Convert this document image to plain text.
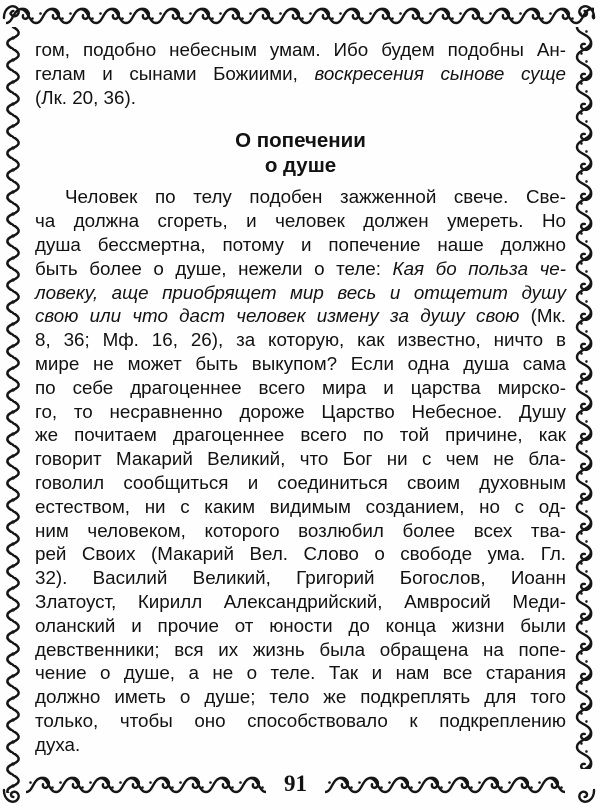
91
гом, подобно небесным умам. Ибо будем подобны Ан-
гелам и сынами Божиими, воскресения сынове суще
(Лк. 20, 36).
О попечении
о душе
Человек по телу подобен зажженной свече. Све-
ча должна сгореть, и человек должен умереть. Но
душа бессмертна, потому и попечение наше должно
быть более о душе, нежели о теле: Кая бо польза че-
ловеку, аще приобрящет мир весь и отщетит душу
свою или что даст человек измену за душу свою (Мк.
8, 36; Мф. 16, 26), за которую, как известно, ничто в
мире не может быть выкупом? Если одна душа сама
по себе драгоценнее всего мира и царства мирско-
го, то несравненно дороже Царство Небесное. Душу
же почитаем драгоценнее всего по той причине, как
говорит Макарий Великий, что Бог ни с чем не бла-
говолил сообщиться и соединиться своим духовным
естеством, ни с каким видимым созданием, но с од-
ним человеком, которого возлюбил более всех тва-
рей Своих (Макарий Вел. Слово о свободе ума. Гл.
32). Василий Великий, Григорий Богослов, Иоанн
Златоуст, Кирилл Александрийский, Амвросий Меди-
оланский и прочие от юности до конца жизни были
девственники; вся их жизнь была обращена на попе-
чение о душе, а не о теле. Так и нам все старания
должно иметь о душе; тело же подкреплять для того
только, чтобы оно способствовало к подкреплению
духа.
